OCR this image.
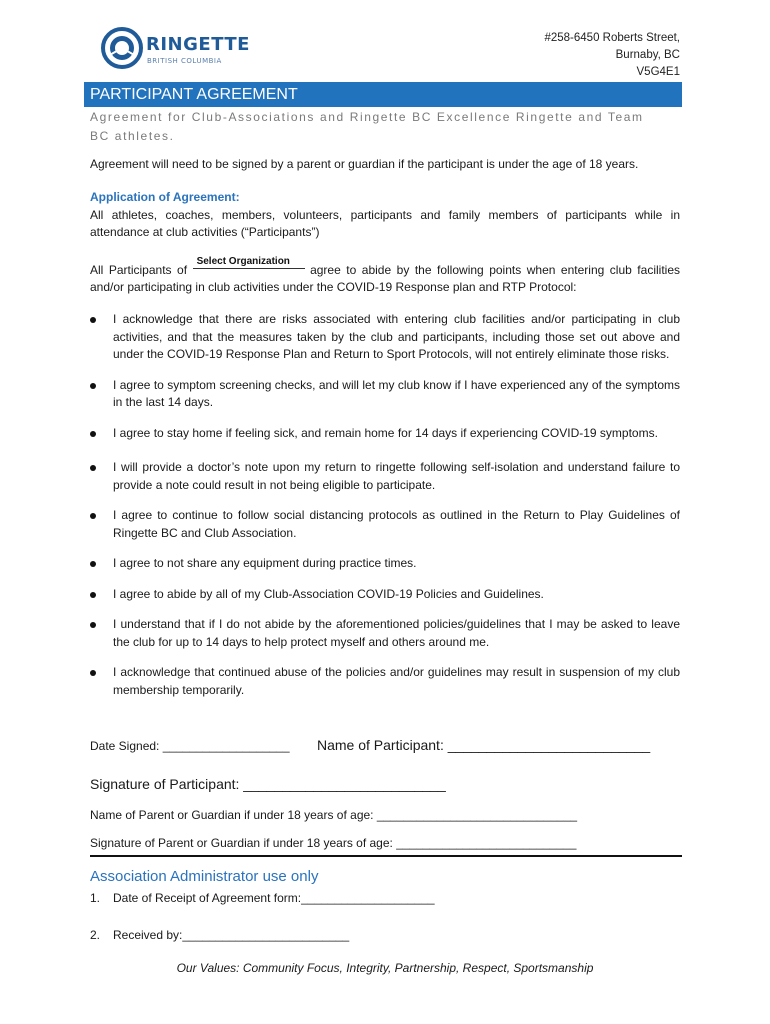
RINGETTE
BRITISH COLUMBIA
#258-6450 Roberts Street,
Burnaby, BC
V5G4E1
PARTICIPANT AGREEMENT
Agreement for Club-Associations and Ringette BC Excellence Ringette and Team BC athletes.
Agreement will need to be signed by a parent or guardian if the participant is under the age of 18 years.
Application of Agreement:
All athletes, coaches, members, volunteers, participants and family members of participants while in attendance at club activities (“Participants”)
All Participants of Select Organization agree to abide by the following points when entering club facilities and/or participating in club activities under the COVID-19 Response plan and RTP Protocol:
I acknowledge that there are risks associated with entering club facilities and/or participating in club activities, and that the measures taken by the club and participants, including those set out above and under the COVID-19 Response Plan and Return to Sport Protocols, will not entirely eliminate those risks.
I agree to symptom screening checks, and will let my club know if I have experienced any of the symptoms in the last 14 days.
I agree to stay home if feeling sick, and remain home for 14 days if experiencing COVID-19 symptoms.
I will provide a doctor’s note upon my return to ringette following self-isolation and understand failure to provide a note could result in not being eligible to participate.
I agree to continue to follow social distancing protocols as outlined in the Return to Play Guidelines of Ringette BC and Club Association.
I agree to not share any equipment during practice times.
I agree to abide by all of my Club-Association COVID-19 Policies and Guidelines.
I understand that if I do not abide by the aforementioned policies/guidelines that I may be asked to leave the club for up to 14 days to help protect myself and others around me.
I acknowledge that continued abuse of the policies and/or guidelines may result in suspension of my club membership temporarily.
Date Signed: ___________________ Name of Participant: __________________________
Signature of Participant: __________________________
Name of Parent or Guardian if under 18 years of age: ______________________________
Signature of Parent or Guardian if under 18 years of age: ___________________________
Association Administrator use only
1. Date of Receipt of Agreement form:____________________
2. Received by:_________________________
Our Values: Community Focus, Integrity, Partnership, Respect, Sportsmanship
